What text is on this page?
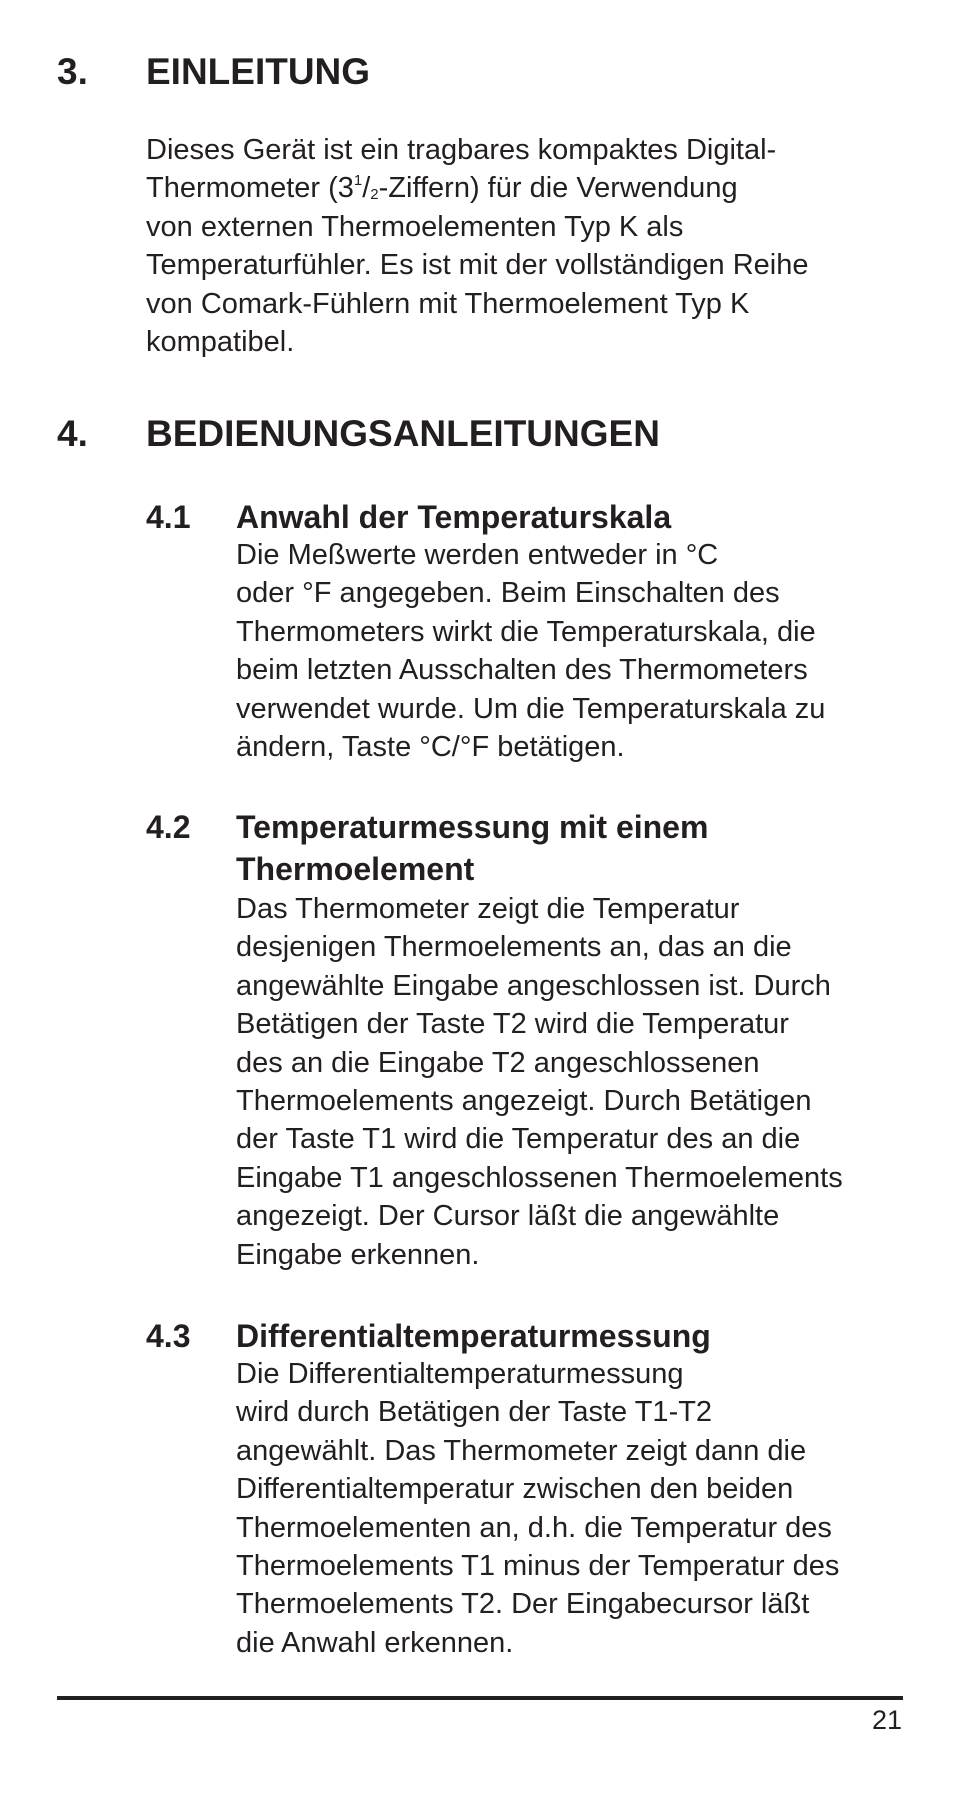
3. EINLEITUNG
Dieses Gerät ist ein tragbares kompaktes Digital-
Thermometer $(3^1/2-Ziffern)$ für die Verwendung
von externen Thermoelementen Typ K als
Temperaturfühler. Es ist mit der vollständigen Reihe
von Comark-Fühlern mit Thermoelement Typ K
kompatibel.
4. BEDIENUNGSANLEITUNGEN
4.1 Anwahl der Temperaturskala
Die Meßwerte werden entweder in °C
oder °F angegeben. Beim Einschalten des
Thermometers wirkt die Temperaturskala, die
beim letzten Ausschalten des Thermometers
verwendet wurde. Um die Temperaturskala zu
ändern, Taste °C/°F betätigen.
4.2 Temperaturmessung mit einem
Thermoelement
Das Thermometer zeigt die Temperatur
desjenigen Thermoelements an, das an die
angewählte Eingabe angeschlossen ist. Durch
Betätigen der Taste T2 wird die Temperatur
des an die Eingabe T2 angeschlossenen
Thermoelements angezeigt. Durch Betätigen
der Taste T1 wird die Temperatur des an die
Eingabe T1 angeschlossenen Thermoelements
angezeigt. Der Cursor läßt die angewählte
Eingabe erkennen.
4.3 Differentialtemperaturmessung
Die Differentialtemperaturmessung
wird durch Betätigen der Taste T1-T2
angewählt. Das Thermometer zeigt dann die
Differentialtemperatur zwischen den beiden
Thermoelementen an, d.h. die Temperatur des
Thermoelements T1 minus der Temperatur des
Thermoelements T2. Der Eingabecursor läßt
die Anwahl erkennen.
21
